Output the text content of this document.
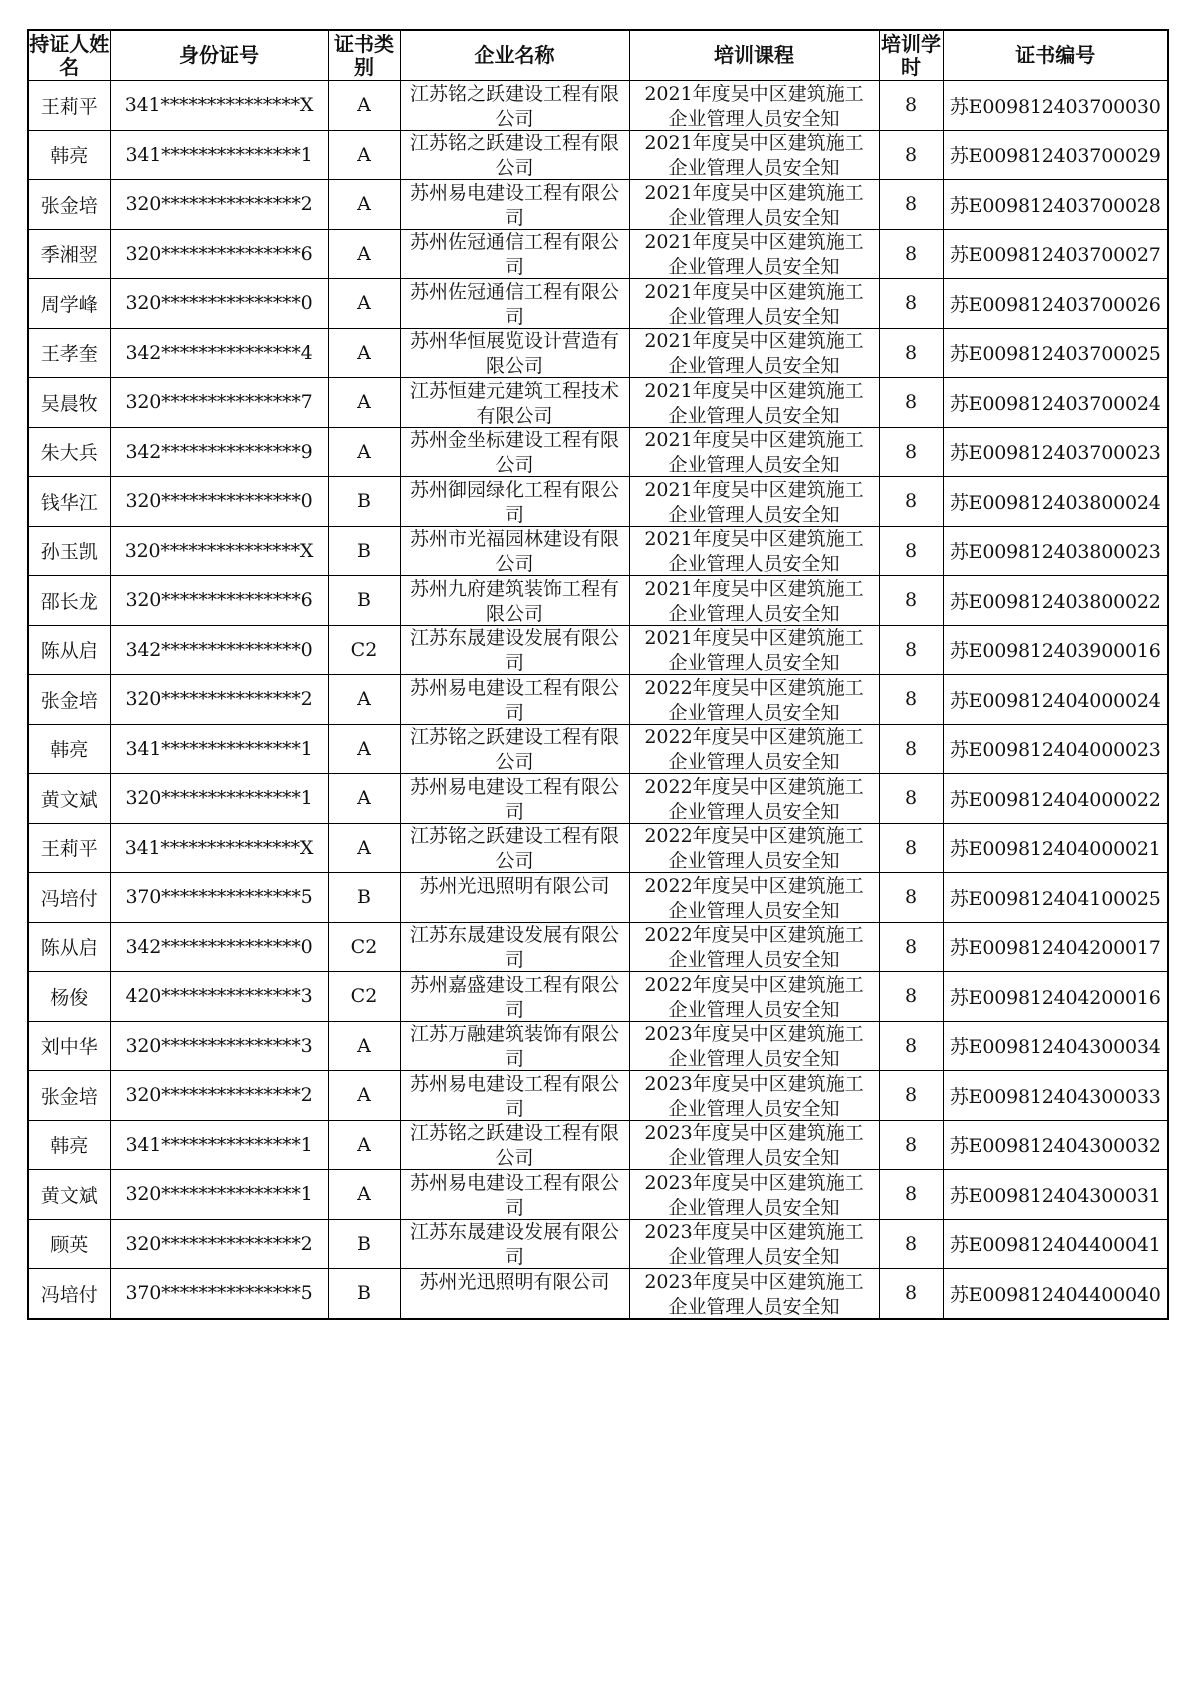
持证人姓名	身份证号	证书类别	企业名称	培训课程	培训学时	证书编号
王莉平	341***************X	A	江苏铭之跃建设工程有限公司	2021年度吴中区建筑施工企业管理人员安全知	8	苏E009812403700030
韩亮	341***************1	A	江苏铭之跃建设工程有限公司	2021年度吴中区建筑施工企业管理人员安全知	8	苏E009812403700029
张金培	320***************2	A	苏州易电建设工程有限公司	2021年度吴中区建筑施工企业管理人员安全知	8	苏E009812403700028
季湘翌	320***************6	A	苏州佐冠通信工程有限公司	2021年度吴中区建筑施工企业管理人员安全知	8	苏E009812403700027
周学峰	320***************0	A	苏州佐冠通信工程有限公司	2021年度吴中区建筑施工企业管理人员安全知	8	苏E009812403700026
王孝奎	342***************4	A	苏州华恒展览设计营造有限公司	2021年度吴中区建筑施工企业管理人员安全知	8	苏E009812403700025
吴晨牧	320***************7	A	江苏恒建元建筑工程技术有限公司	2021年度吴中区建筑施工企业管理人员安全知	8	苏E009812403700024
朱大兵	342***************9	A	苏州金坐标建设工程有限公司	2021年度吴中区建筑施工企业管理人员安全知	8	苏E009812403700023
钱华江	320***************0	B	苏州御园绿化工程有限公司	2021年度吴中区建筑施工企业管理人员安全知	8	苏E009812403800024
孙玉凯	320***************X	B	苏州市光福园林建设有限公司	2021年度吴中区建筑施工企业管理人员安全知	8	苏E009812403800023
邵长龙	320***************6	B	苏州九府建筑装饰工程有限公司	2021年度吴中区建筑施工企业管理人员安全知	8	苏E009812403800022
陈从启	342***************0	C2	江苏东晟建设发展有限公司	2021年度吴中区建筑施工企业管理人员安全知	8	苏E009812403900016
张金培	320***************2	A	苏州易电建设工程有限公司	2022年度吴中区建筑施工企业管理人员安全知	8	苏E009812404000024
韩亮	341***************1	A	江苏铭之跃建设工程有限公司	2022年度吴中区建筑施工企业管理人员安全知	8	苏E009812404000023
黄文斌	320***************1	A	苏州易电建设工程有限公司	2022年度吴中区建筑施工企业管理人员安全知	8	苏E009812404000022
王莉平	341***************X	A	江苏铭之跃建设工程有限公司	2022年度吴中区建筑施工企业管理人员安全知	8	苏E009812404000021
冯培付	370***************5	B	苏州光迅照明有限公司	2022年度吴中区建筑施工企业管理人员安全知	8	苏E009812404100025
陈从启	342***************0	C2	江苏东晟建设发展有限公司	2022年度吴中区建筑施工企业管理人员安全知	8	苏E009812404200017
杨俊	420***************3	C2	苏州嘉盛建设工程有限公司	2022年度吴中区建筑施工企业管理人员安全知	8	苏E009812404200016
刘中华	320***************3	A	江苏万融建筑装饰有限公司	2023年度吴中区建筑施工企业管理人员安全知	8	苏E009812404300034
张金培	320***************2	A	苏州易电建设工程有限公司	2023年度吴中区建筑施工企业管理人员安全知	8	苏E009812404300033
韩亮	341***************1	A	江苏铭之跃建设工程有限公司	2023年度吴中区建筑施工企业管理人员安全知	8	苏E009812404300032
黄文斌	320***************1	A	苏州易电建设工程有限公司	2023年度吴中区建筑施工企业管理人员安全知	8	苏E009812404300031
顾英	320***************2	B	江苏东晟建设发展有限公司	2023年度吴中区建筑施工企业管理人员安全知	8	苏E009812404400041
冯培付	370***************5	B	苏州光迅照明有限公司	2023年度吴中区建筑施工企业管理人员安全知	8	苏E009812404400040
